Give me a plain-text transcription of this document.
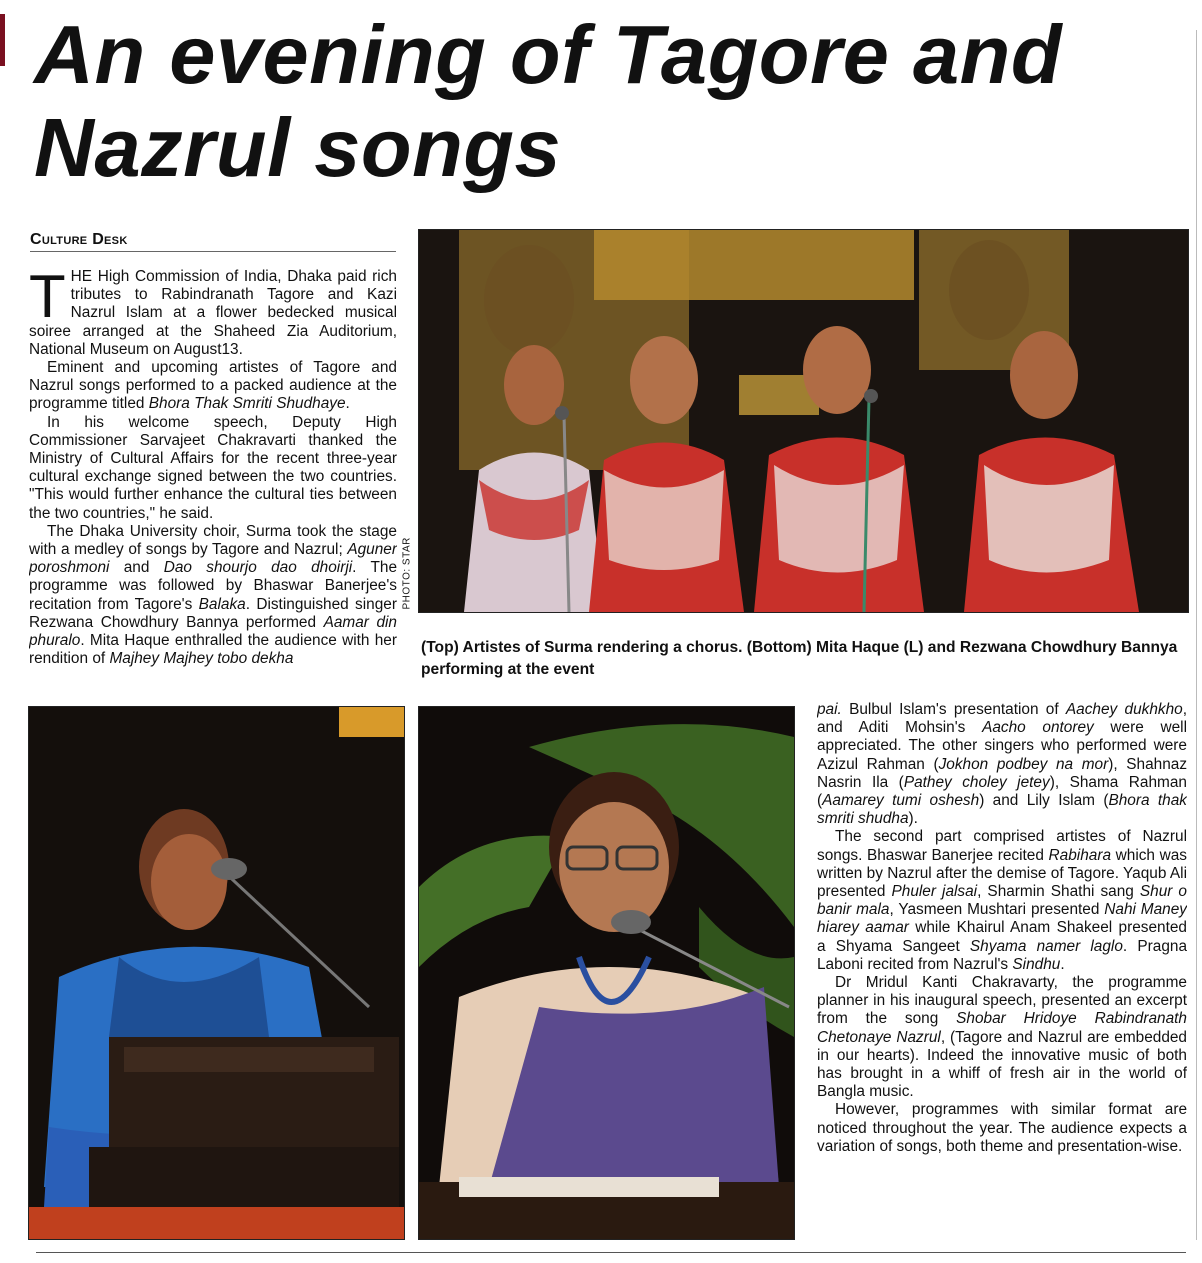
An evening of Tagore and
Nazrul songs
Culture Desk

THE High Commission of India, Dhaka paid rich tributes to Rabindranath Tagore and Kazi Nazrul Islam at a flower bedecked musical soiree arranged at the Shaheed Zia Auditorium, National Museum on August13.

Eminent and upcoming artistes of Tagore and Nazrul songs performed to a packed audience at the programme titled Bhora Thak Smriti Shudhaye.

In his welcome speech, Deputy High Commissioner Sarvajeet Chakravarti thanked the Ministry of Cultural Affairs for the recent three-year cultural exchange signed between the two countries. "This would further enhance the cultural ties between the two countries," he said.

The Dhaka University choir, Surma took the stage with a medley of songs by Tagore and Nazrul; Aguner poroshmoni and Dao shourjo dao dhoirji. The programme was followed by Bhaswar Banerjee's recitation from Tagore's Balaka. Distinguished singer Rezwana Chowdhury Bannya performed Aamar din phuralo. Mita Haque enthralled the audience with her rendition of Majhey Majhey tobo dekha

PHOTO: STAR
(Top) Artistes of Surma rendering a chorus. (Bottom) Mita Haque (L) and Rezwana Chowdhury Bannya performing at the event

pai. Bulbul Islam's presentation of Aachey dukhkho, and Aditi Mohsin's Aacho ontorey were well appreciated. The other singers who performed were Azizul Rahman (Jokhon podbey na mor), Shahnaz Nasrin Ila (Pathey choley jetey), Shama Rahman (Aamarey tumi oshesh) and Lily Islam (Bhora thak smriti shudha).

The second part comprised artistes of Nazrul songs. Bhaswar Banerjee recited Rabihara which was written by Nazrul after the demise of Tagore. Yaqub Ali presented Phuler jalsai, Sharmin Shathi sang Shur o banir mala, Yasmeen Mushtari presented Nahi Maney hiarey aamar while Khairul Anam Shakeel presented a Shyama Sangeet Shyama namer laglo. Pragna Laboni recited from Nazrul's Sindhu.

Dr Mridul Kanti Chakravarty, the programme planner in his inaugural speech, presented an excerpt from the song Shobar Hridoye Rabindranath Chetonaye Nazrul, (Tagore and Nazrul are embedded in our hearts). Indeed the innovative music of both has brought in a whiff of fresh air in the world of Bangla music.

However, programmes with similar format are noticed throughout the year. The audience expects a variation of songs, both theme and presentation-wise.
